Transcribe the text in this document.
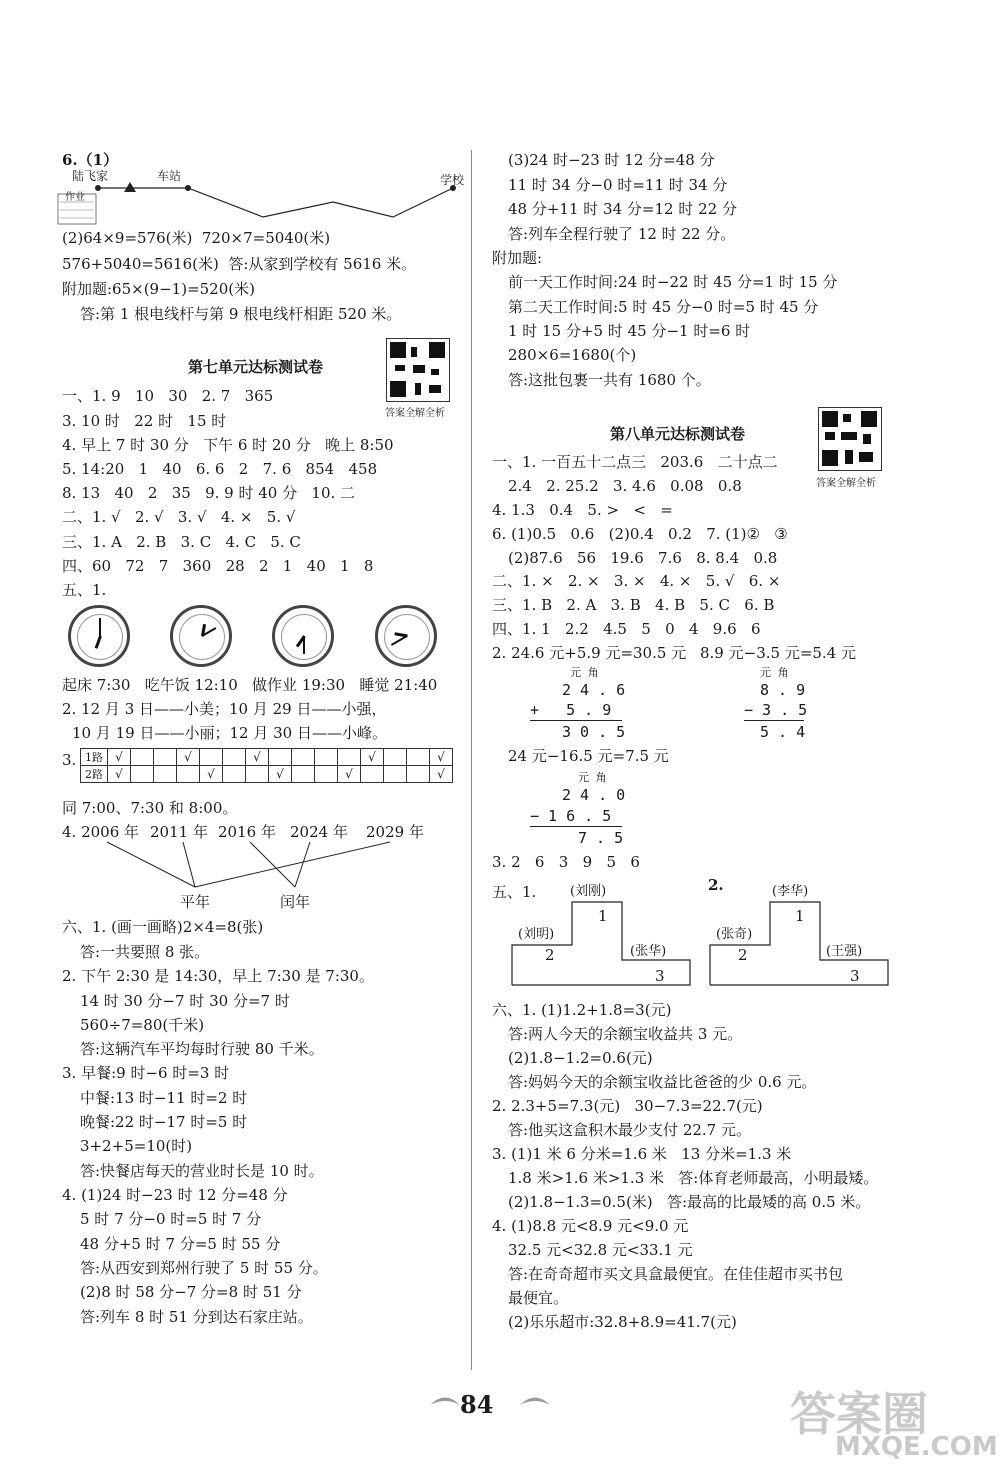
6.（1）
陆飞家	车站	学校
作业
(2)64×9=576(米)  720×7=5040(米)
576+5040=5616(米)  答:从家到学校有 5616 米。
附加题:65×(9−1)=520(米)
答:第 1 根电线杆与第 9 根电线杆相距 520 米。
第七单元达标测试卷
答案全解全析
一、1. 9   10   30   2. 7   365
3. 10 时   22 时   15 时
4. 早上 7 时 30 分   下午 6 时 20 分   晚上 8:50
5. 14:20   1   40   6. 6   2   7. 6   854   458
8. 13   40   2   35   9. 9 时 40 分   10. 二
二、1. √   2. √   3. √   4. ×   5. √
三、1. A   2. B   3. C   4. C   5. C
四、60   72   7   360   28   2   1   40   1   8
五、1.
起床 7:30   吃午饭 12:10   做作业 19:30   睡觉 21:40
2. 12 月 3 日——小美；10 月 29 日——小强，
10 月 19 日——小丽；12 月 30 日——小峰。
3. 1路	√			√			√					√			√
2路	√				√			√			√				√
同 7:00、7:30 和 8:00。
4. 2006 年 2011 年 2016 年 2024 年 2029 年
平年	闰年
六、1. (画一画略)2×4=8(张)
答:一共要照 8 张。
2. 下午 2:30 是 14:30，早上 7:30 是 7:30。
14 时 30 分−7 时 30 分=7 时
560÷7=80(千米)
答:这辆汽车平均每时行驶 80 千米。
3. 早餐:9 时−6 时=3 时
中餐:13 时−11 时=2 时
晚餐:22 时−17 时=5 时
3+2+5=10(时)
答:快餐店每天的营业时长是 10 时。
4. (1)24 时−23 时 12 分=48 分
5 时 7 分−0 时=5 时 7 分
48 分+5 时 7 分=5 时 55 分
答:从西安到郑州行驶了 5 时 55 分。
(2)8 时 58 分−7 分=8 时 51 分
答:列车 8 时 51 分到达石家庄站。
(3)24 时−23 时 12 分=48 分
11 时 34 分−0 时=11 时 34 分
48 分+11 时 34 分=12 时 22 分
答:列车全程行驶了 12 时 22 分。
附加题:
前一天工作时间:24 时−22 时 45 分=1 时 15 分
第二天工作时间:5 时 45 分−0 时=5 时 45 分
1 时 15 分+5 时 45 分−1 时=6 时
280×6=1680(个)
答:这批包裹一共有 1680 个。
第八单元达标测试卷
答案全解全析
一、1. 一百五十二点三   203.6   二十点二
2.4   2. 25.2   3. 4.6   0.08   0.8
4. 1.3   0.4   5. >   <   =
6. (1)0.5   0.6   (2)0.4   0.2   7. (1)②   ③
(2)87.6   56   19.6   7.6   8. 8.4   0.8
二、1. ×   2. ×   3. ×   4. ×   5. √   6. ×
三、1. B   2. A   3. B   4. B   5. C   6. B
四、1. 1   2.2   4.5   5   0   4   9.6   6
2. 24.6 元+5.9 元=30.5 元 8.9 元−3.5 元=5.4 元
元 角
2 4 . 6
+   5 . 9
3 0 . 5
元 角
8 . 9
− 3 . 5
5 . 4
24 元−16.5 元=7.5 元
元 角
2 4 . 0
− 1 6 . 5
7 . 5
3. 2   6   3   9   5   6
五、1.	2.
(刘刚)
(刘明)
(张华)
1
2
3
(李华)
(张奇)
(王强)
1
2
3
六、1. (1)1.2+1.8=3(元)
答:两人今天的余额宝收益共 3 元。
(2)1.8−1.2=0.6(元)
答:妈妈今天的余额宝收益比爸爸的少 0.6 元。
2. 2.3+5=7.3(元)   30−7.3=22.7(元)
答:他买这盒积木最少支付 22.7 元。
3. (1)1 米 6 分米=1.6 米   13 分米=1.3 米
1.8 米>1.6 米>1.3 米   答:体育老师最高，小明最矮。
(2)1.8−1.3=0.5(米)   答:最高的比最矮的高 0.5 米。
4. (1)8.8 元<8.9 元<9.0 元
32.5 元<32.8 元<33.1 元
答:在奇奇超市买文具盒最便宜。在佳佳超市买书包
最便宜。
(2)乐乐超市:32.8+8.9=41.7(元)
84	答案圈
MXQE.COM
